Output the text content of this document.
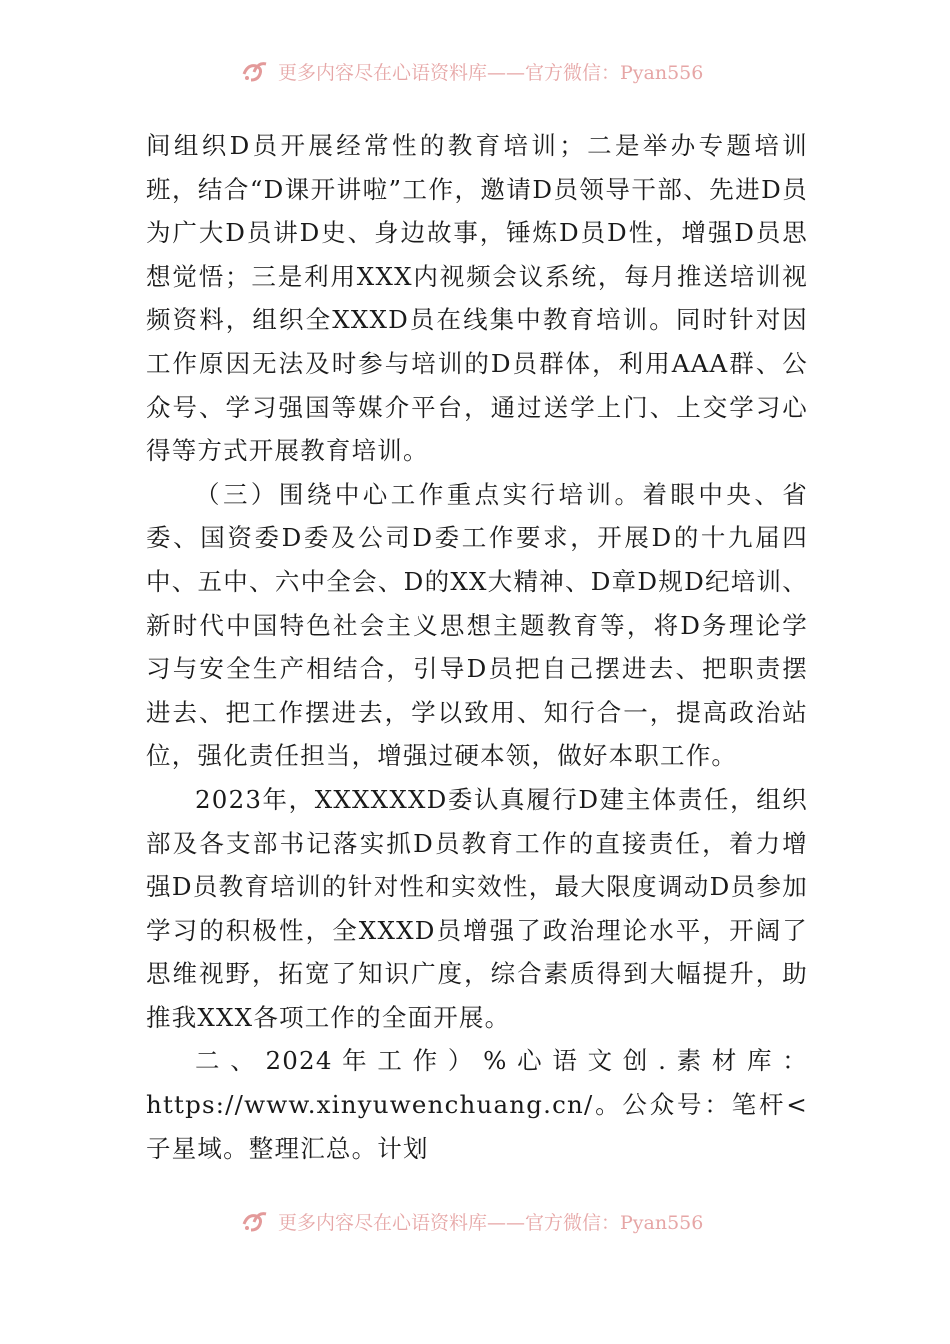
更多内容尽在心语资料库——官方微信：Pyan556

间组织D员开展经常性的教育培训；二是举办专题培训班，结合“D课开讲啦”工作，邀请D员领导干部、先进D员为广大D员讲D史、身边故事，锤炼D员D性，增强D员思想觉悟；三是利用XXX内视频会议系统，每月推送培训视频资料，组织全XXXD员在线集中教育培训。同时针对因工作原因无法及时参与培训的D员群体，利用AAA群、公众号、学习强国等媒介平台，通过送学上门、上交学习心得等方式开展教育培训。

（三）围绕中心工作重点实行培训。着眼中央、省委、国资委D委及公司D委工作要求，开展D的十九届四中、五中、六中全会、D的XX大精神、D章D规D纪培训、新时代中国特色社会主义思想主题教育等，将D务理论学习与安全生产相结合，引导D员把自己摆进去、把职责摆进去、把工作摆进去，学以致用、知行合一，提高政治站位，强化责任担当，增强过硬本领，做好本职工作。

2023年，XXXXXXD委认真履行D建主体责任，组织部及各支部书记落实抓D员教育工作的直接责任，着力增强D员教育培训的针对性和实效性，最大限度调动D员参加学习的积极性，全XXXD员增强了政治理论水平，开阔了思维视野，拓宽了知识广度，综合素质得到大幅提升，助推我XXX各项工作的全面开展。

二、2024年工作）%心语文创.素材库：https://www.xinyuwenchuang.cn/。公众号：笔杆<子星域。整理汇总。计划

更多内容尽在心语资料库——官方微信：Pyan556
